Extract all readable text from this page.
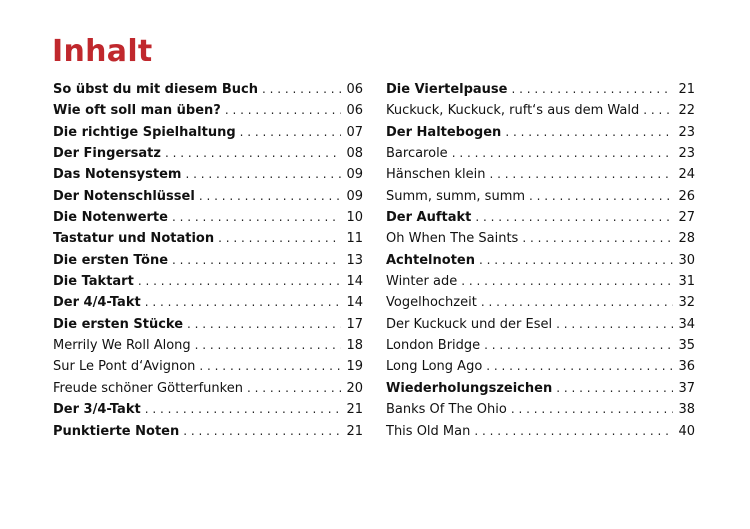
Inhalt
So übst du mit diesem Buch . . .	06
Wie oft soll man üben? . . .	06
Die richtige Spielhaltung . . .	07
Der Fingersatz . . .	08
Das Notensystem . . .	09
Der Notenschlüssel . . .	09
Die Notenwerte . . .	10
Tastatur und Notation . . .	11
Die ersten Töne . . .	13
Die Taktart . . .	14
Der 4/4-Takt . . .	14
Die ersten Stücke . . .	17
Merrily We Roll Along . . .	18
Sur Le Pont d‘Avignon . . .	19
Freude schöner Götterfunken . . .	20
Der 3/4-Takt . . .	21
Punktierte Noten . . .	21
Die Viertelpause . . .	21
Kuckuck, Kuckuck, ruft‘s aus dem Wald . . .	22
Der Haltebogen . . .	23
Barcarole . . .	23
Hänschen klein . . .	24
Summ, summ, summ . . .	26
Der Auftakt . . .	27
Oh When The Saints . . .	28
Achtelnoten . . .	30
Winter ade . . .	31
Vogelhochzeit . . .	32
Der Kuckuck und der Esel . . .	34
London Bridge . . .	35
Long Long Ago . . .	36
Wiederholungszeichen . . .	37
Banks Of The Ohio . . .	38
This Old Man . . .	40
